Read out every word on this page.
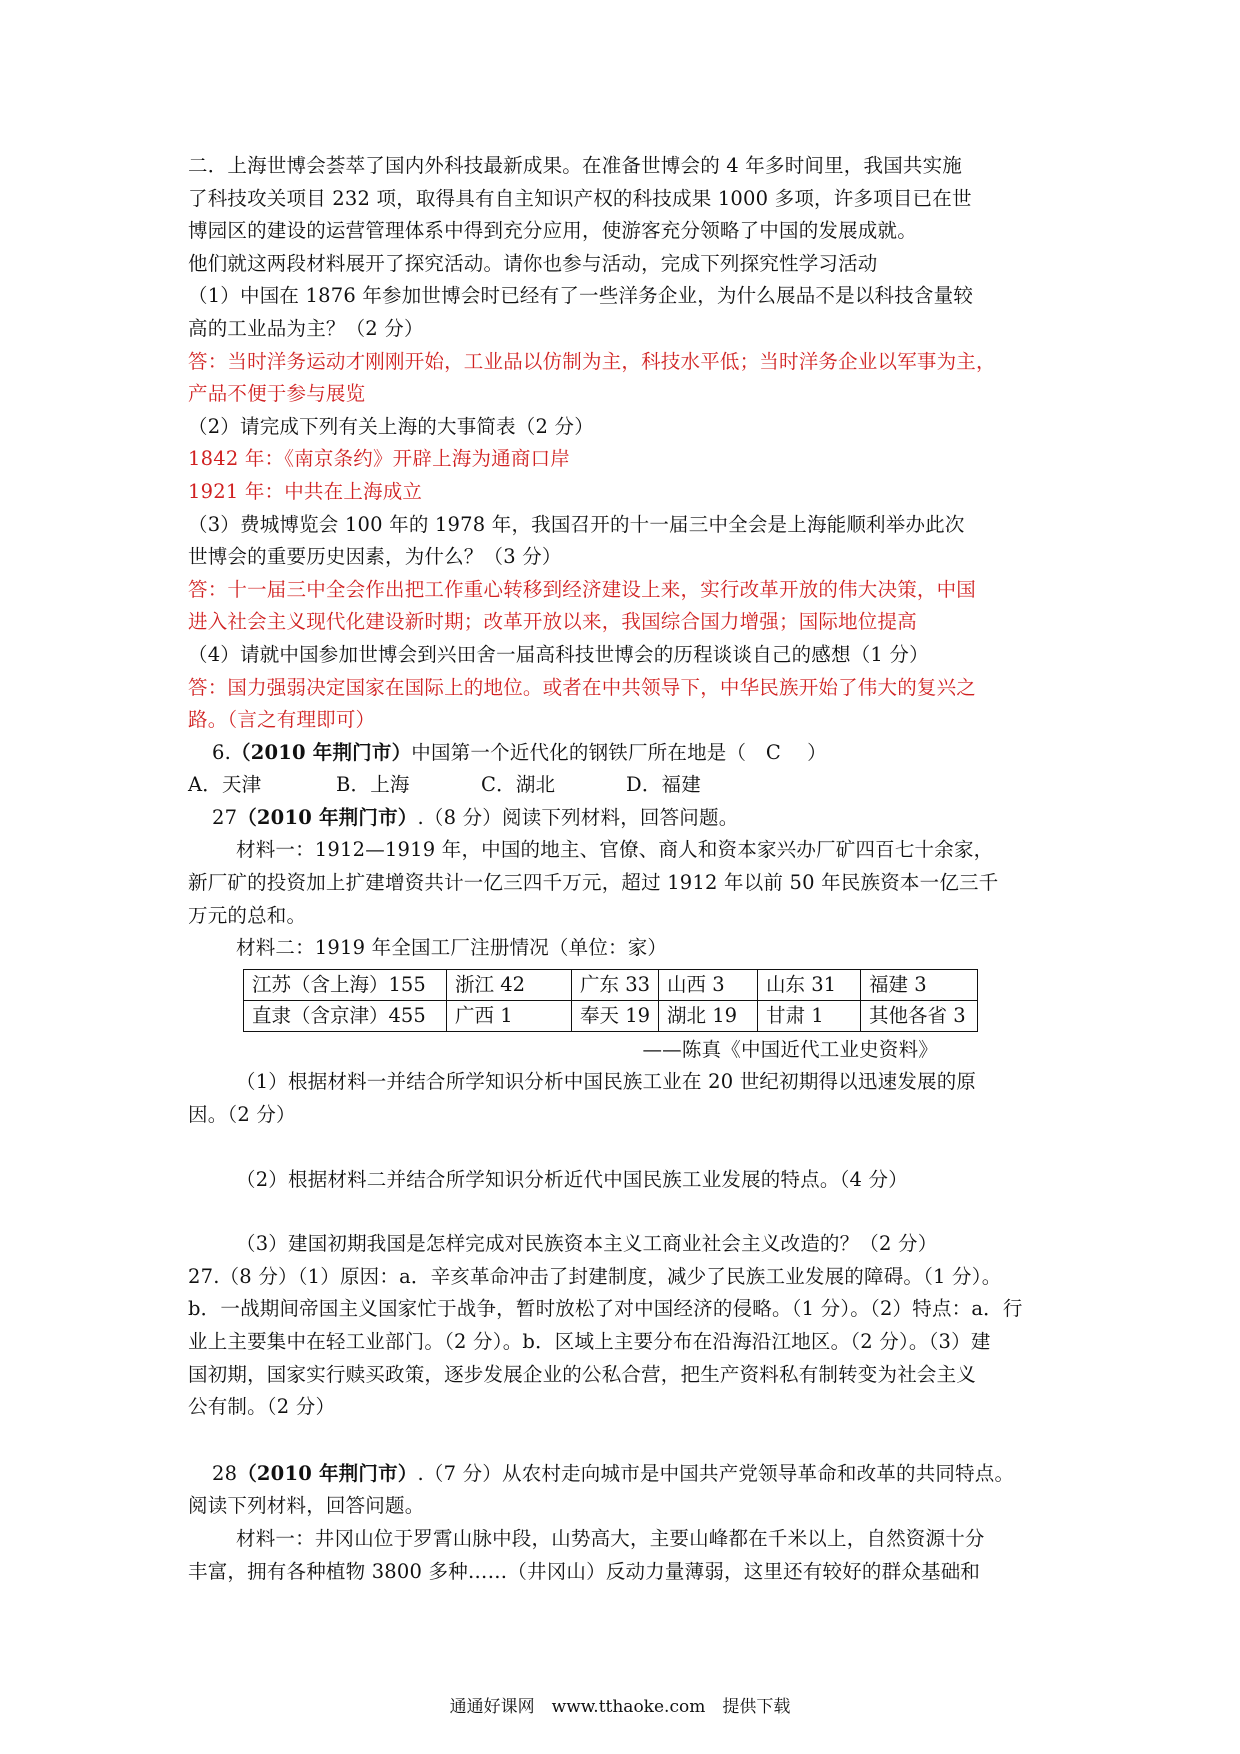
二．上海世博会荟萃了国内外科技最新成果。在准备世博会的 4 年多时间里，我国共实施
了科技攻关项目 232 项，取得具有自主知识产权的科技成果 1000 多项，许多项目已在世
博园区的建设的运营管理体系中得到充分应用，使游客充分领略了中国的发展成就。
他们就这两段材料展开了探究活动。请你也参与活动，完成下列探究性学习活动
（1）中国在 1876 年参加世博会时已经有了一些洋务企业，为什么展品不是以科技含量较
高的工业品为主？（2 分）
答：当时洋务运动才刚刚开始，工业品以仿制为主，科技水平低；当时洋务企业以军事为主，
产品不便于参与展览
（2）请完成下列有关上海的大事简表（2 分）
1842 年：《南京条约》开辟上海为通商口岸
1921 年：中共在上海成立
（3）费城博览会 100 年的 1978 年，我国召开的十一届三中全会是上海能顺利举办此次
世博会的重要历史因素，为什么？（3 分）
答：十一届三中全会作出把工作重心转移到经济建设上来，实行改革开放的伟大决策，中国
进入社会主义现代化建设新时期；改革开放以来，我国综合国力增强；国际地位提高
（4）请就中国参加世博会到兴田舍一届高科技世博会的历程谈谈自己的感想（1 分）
答：国力强弱决定国家在国际上的地位。或者在中共领导下，中华民族开始了伟大的复兴之
路。（言之有理即可）
6.（2010 年荆门市）中国第一个近代化的钢铁厂所在地是（　C　 ）
A．天津	B．上海	C．湖北	D．福建
27（2010 年荆门市）.（8 分）阅读下列材料，回答问题。
材料一：1912—1919 年，中国的地主、官僚、商人和资本家兴办厂矿四百七十余家，
新厂矿的投资加上扩建增资共计一亿三四千万元，超过 1912 年以前 50 年民族资本一亿三千
万元的总和。
材料二：1919 年全国工厂注册情况（单位：家）
江苏（含上海）155	浙江 42	广东 33	山西 3	山东 31	福建 3
直隶（含京津）455	广西 1	奉天 19	湖北 19	甘肃 1	其他各省 3
——陈真《中国近代工业史资料》
（1）根据材料一并结合所学知识分析中国民族工业在 20 世纪初期得以迅速发展的原
因。（2 分）
（2）根据材料二并结合所学知识分析近代中国民族工业发展的特点。（4 分）
（3）建国初期我国是怎样完成对民族资本主义工商业社会主义改造的？（2 分）
27.（8 分）（1）原因：a．辛亥革命冲击了封建制度，减少了民族工业发展的障碍。（1 分）。
b．一战期间帝国主义国家忙于战争，暂时放松了对中国经济的侵略。（1 分）。（2）特点：a．行
业上主要集中在轻工业部门。（2 分）。b．区域上主要分布在沿海沿江地区。（2 分）。（3）建
国初期，国家实行赎买政策，逐步发展企业的公私合营，把生产资料私有制转变为社会主义
公有制。（2 分）
28（2010 年荆门市）.（7 分）从农村走向城市是中国共产党领导革命和改革的共同特点。
阅读下列材料，回答问题。
材料一：井冈山位于罗霄山脉中段，山势高大，主要山峰都在千米以上，自然资源十分
丰富，拥有各种植物 3800 多种……（井冈山）反动力量薄弱，这里还有较好的群众基础和
通通好课网　www.tthaoke.com　提供下载
